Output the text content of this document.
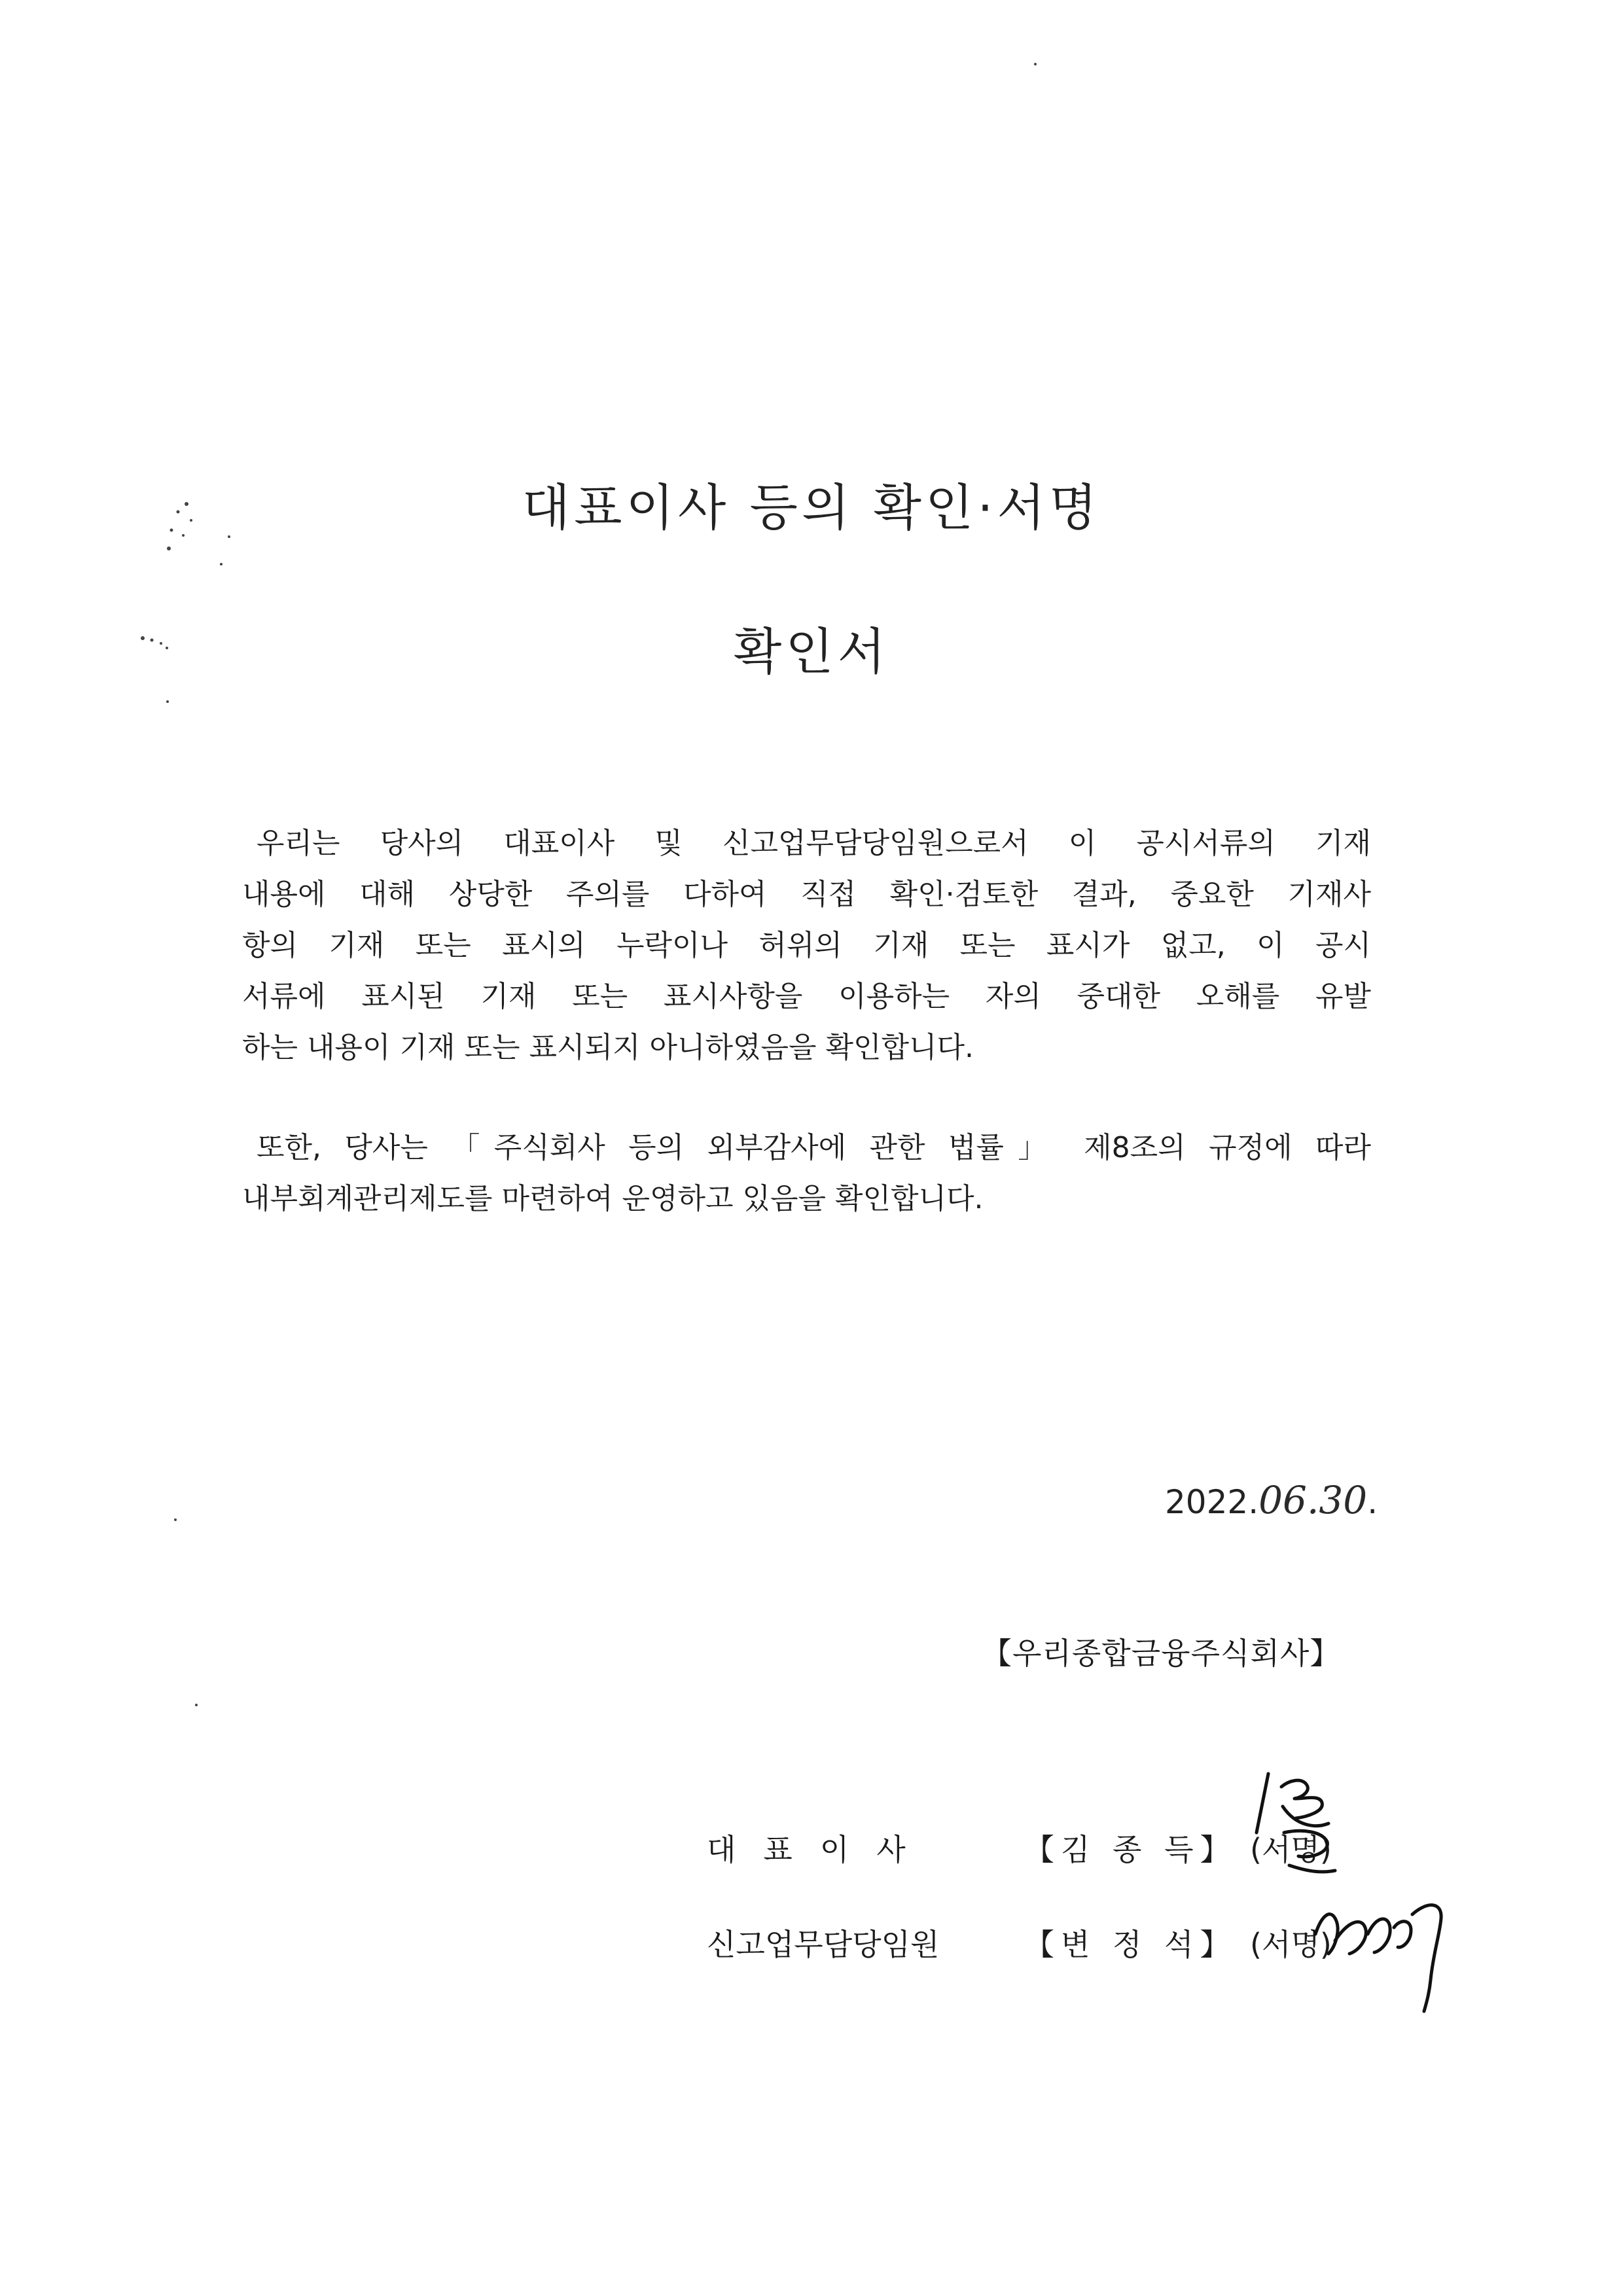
대표이사 등의 확인·서명
확인서
우리는 당사의 대표이사 및 신고업무담당임원으로서 이 공시서류의 기재
내용에 대해 상당한 주의를 다하여 직접 확인·검토한 결과, 중요한 기재사
항의 기재 또는 표시의 누락이나 허위의 기재 또는 표시가 없고, 이 공시
서류에 표시된 기재 또는 표시사항을 이용하는 자의 중대한 오해를 유발
하는 내용이 기재 또는 표시되지 아니하였음을 확인합니다.
또한, 당사는 「주식회사 등의 외부감사에 관한 법률」 제8조의 규정에 따라
내부회계관리제도를 마련하여 운영하고 있음을 확인합니다.
2022.06.30.
【우리종합금융주식회사】
대표이사	【김 종 득】 (서명)
신고업무담당임원	【변 정 석】 (서명)
